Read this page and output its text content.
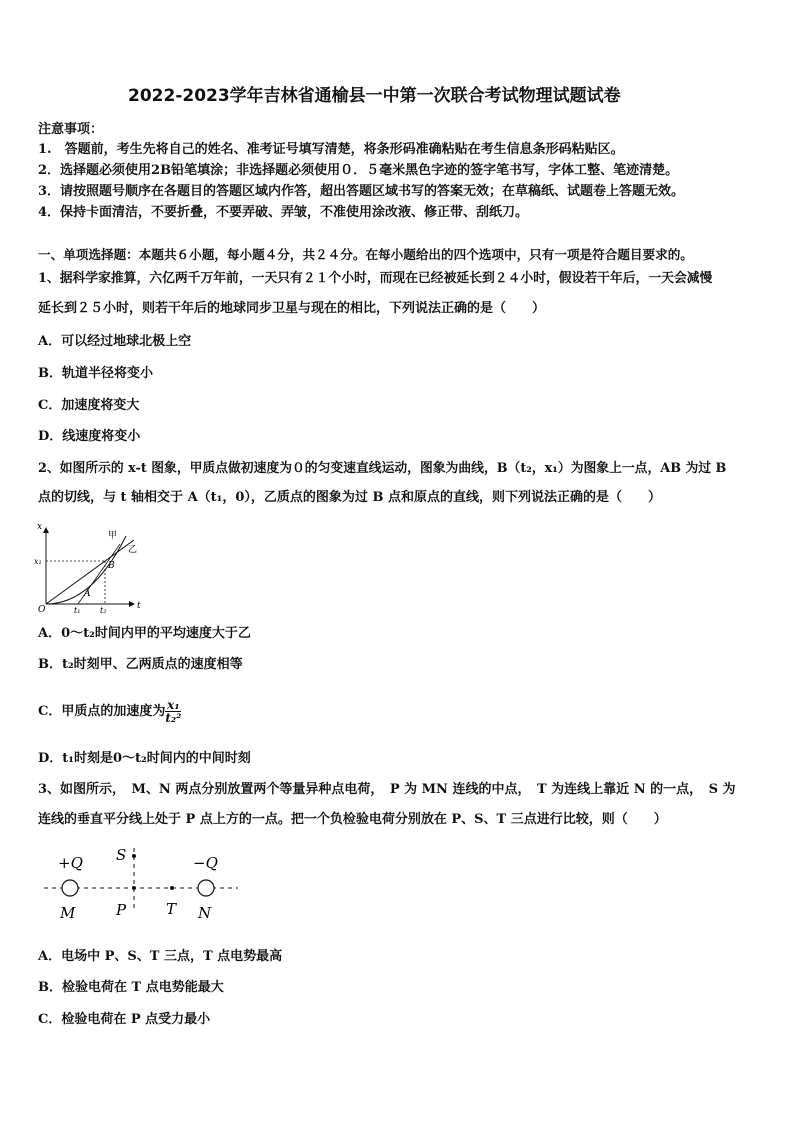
2022-2023学年吉林省通榆县一中第一次联合考试物理试题试卷
注意事项：
1.　答题前，考生先将自己的姓名、准考证号填写清楚，将条形码准确粘贴在考生信息条形码粘贴区。
2．选择题必须使用2B铅笔填涂；非选择题必须使用０．５毫米黑色字迹的签字笔书写，字体工整、笔迹清楚。
3．请按照题号顺序在各题目的答题区域内作答，超出答题区域书写的答案无效；在草稿纸、试题卷上答题无效。
4．保持卡面清洁，不要折叠，不要弄破、弄皱，不准使用涂改液、修正带、刮纸刀。
一、单项选择题：本题共６小题，每小题４分，共２４分。在每小题给出的四个选项中，只有一项是符合题目要求的。
1、据科学家推算，六亿两千万年前，一天只有２１个小时，而现在已经被延长到２４小时，假设若干年后，一天会减慢
延长到２５小时，则若干年后的地球同步卫星与现在的相比，下列说法正确的是（　　）
A．可以经过地球北极上空
B．轨道半径将变小
C．加速度将变大
D．线速度将变小
2、如图所示的 x-t 图象，甲质点做初速度为０的匀变速直线运动，图象为曲线，B（t₂，x₁）为图象上一点，AB 为过 B
点的切线，与 t 轴相交于 A（t₁，0），乙质点的图象为过 B 点和原点的直线，则下列说法正确的是（　　）
x
t
O
x₁
t₁ t₂
甲
乙
B
A
A．0～t₂时间内甲的平均速度大于乙
B．t₂时刻甲、乙两质点的速度相等
C．甲质点的加速度为 $\frac{\text{x₁}}{\text{t₂²}}$
D．t₁时刻是0～t₂时间内的中间时刻
3、如图所示，　M、N 两点分别放置两个等量异种点电荷，　P 为 MN 连线的中点，　T 为连线上靠近 N 的一点，　S 为
连线的垂直平分线上处于 P 点上方的一点。把一个负检验电荷分别放在 P、S、T 三点进行比较，则（　　）
+Q	−Q
M	N
P
S
T
A．电场中 P、S、T 三点，T 点电势最高
B．检验电荷在 T 点电势能最大
C．检验电荷在 P 点受力最小
